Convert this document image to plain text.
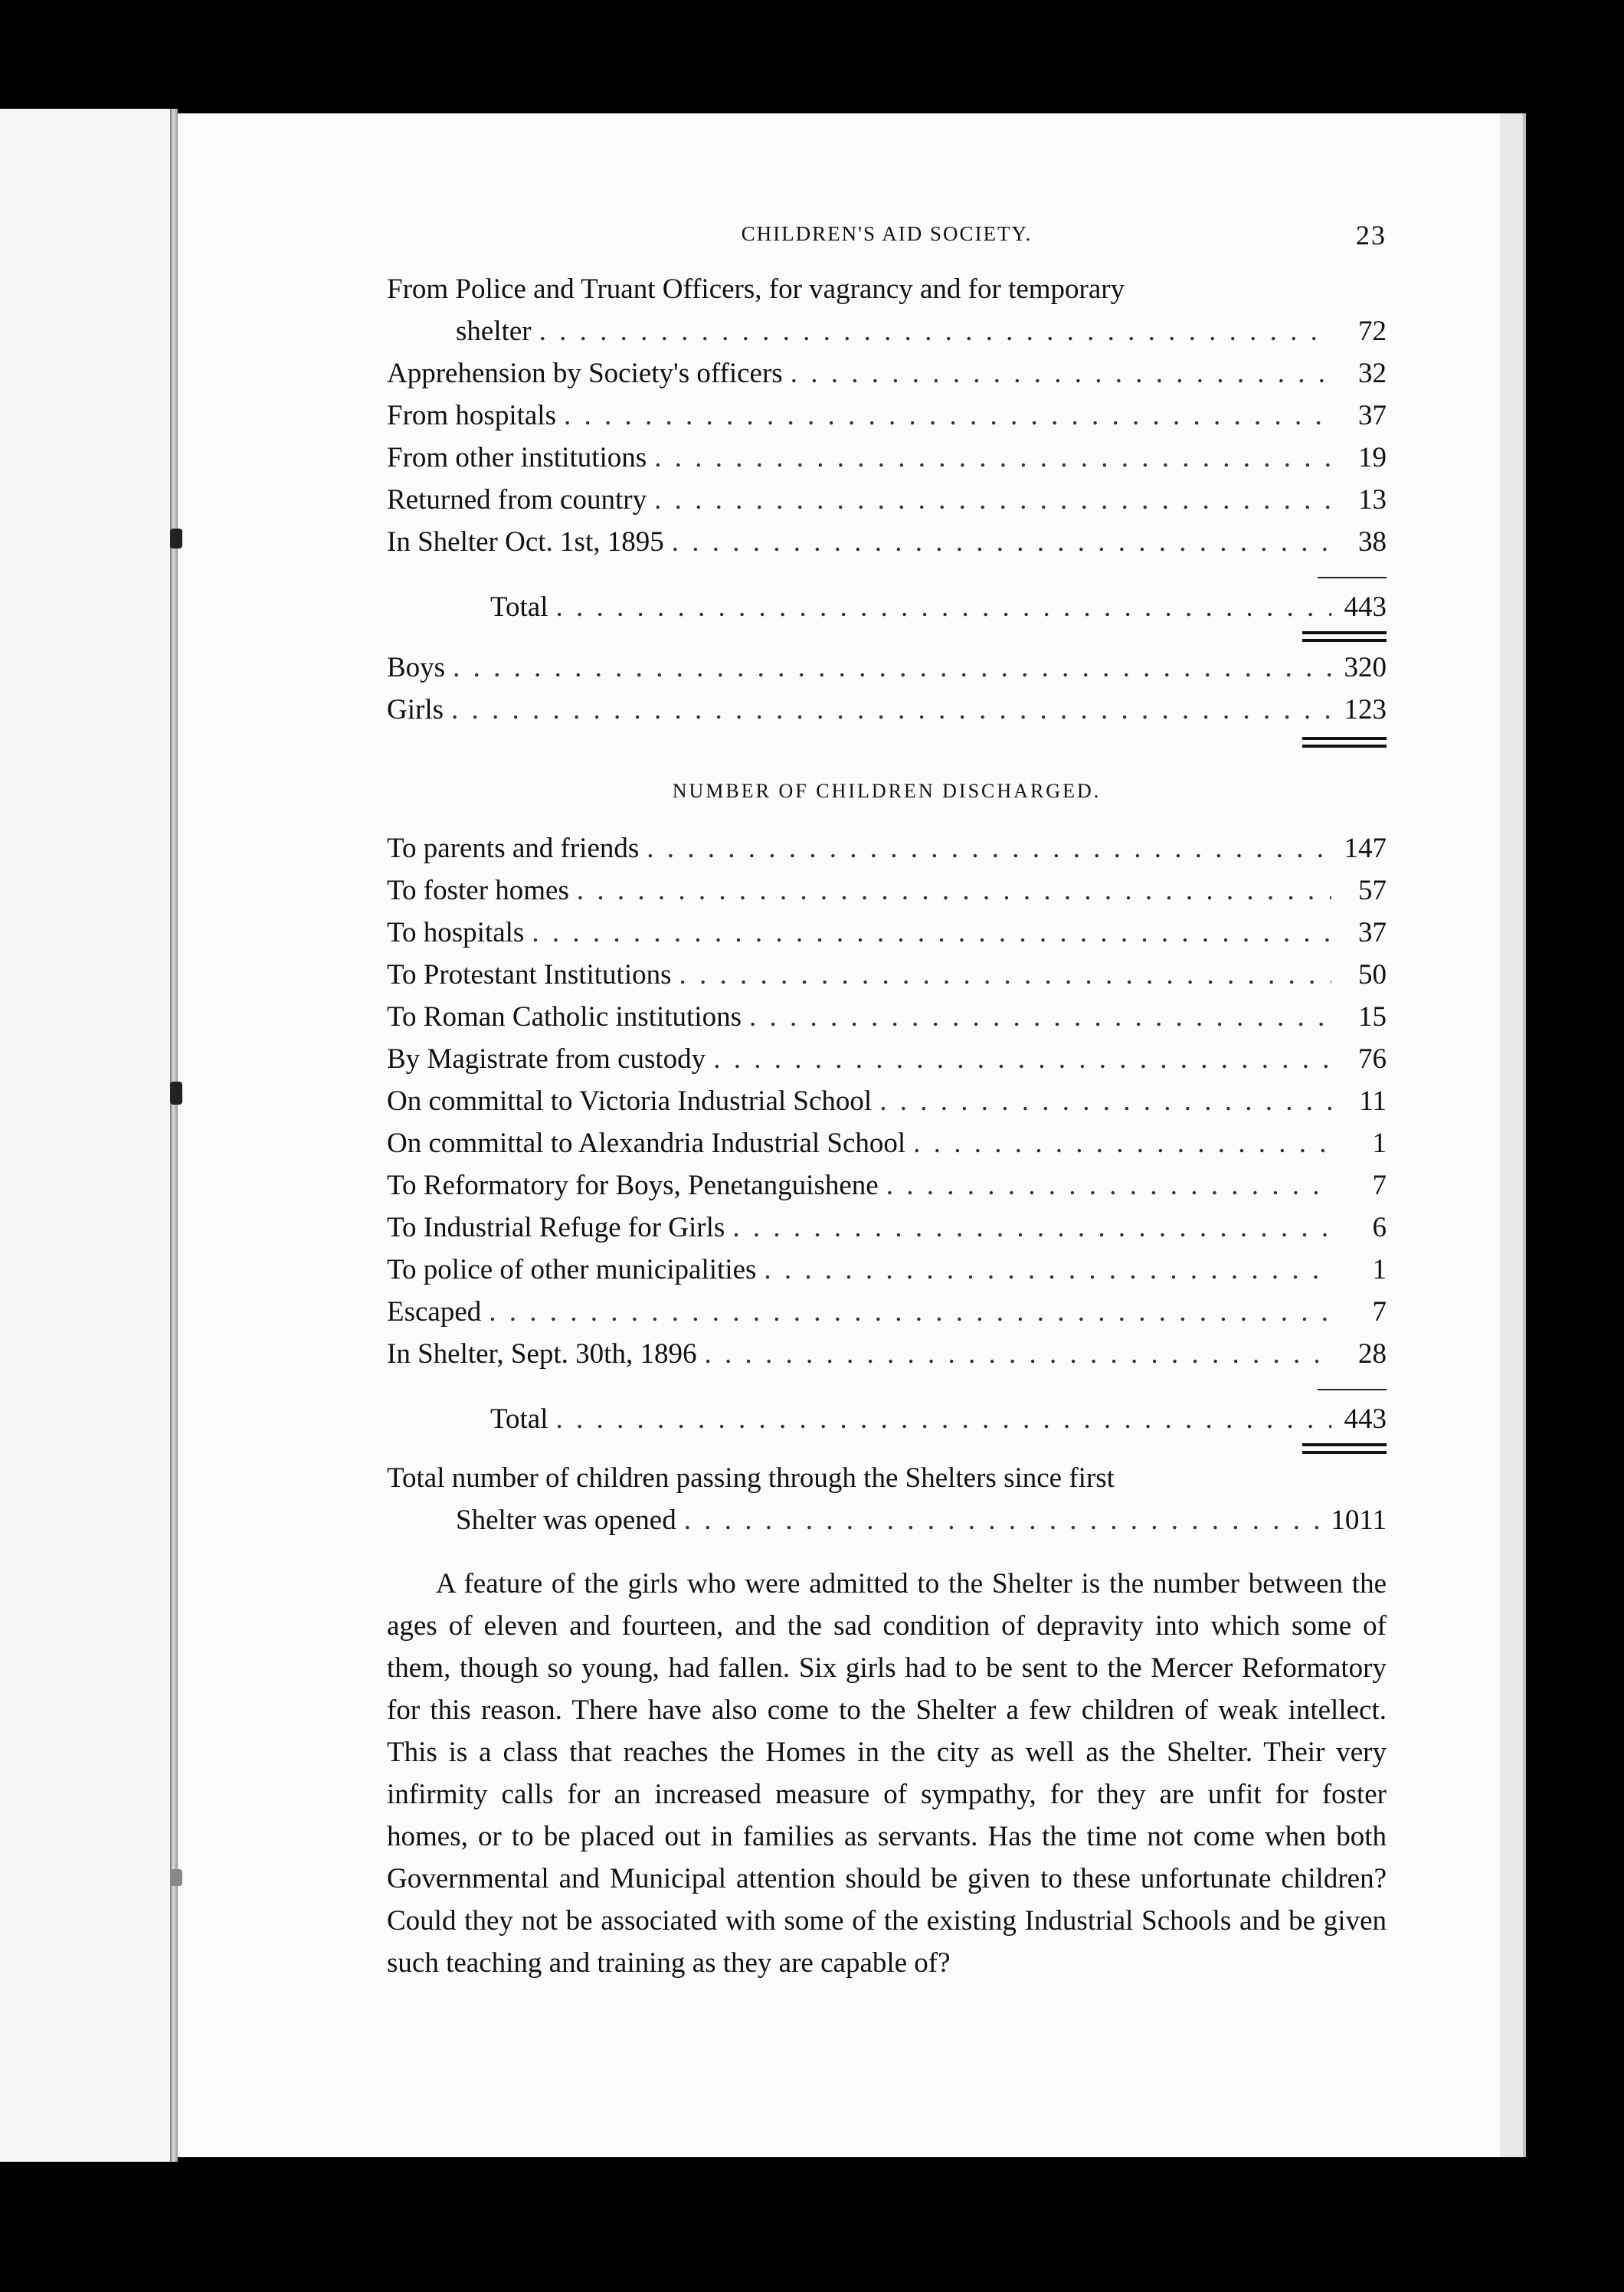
CHILDREN'S AID SOCIETY.	23
From Police and Truant Officers, for vagrancy and for temporary
shelter . . .	72
Apprehension by Society's officers . . .	32
From hospitals . . .	37
From other institutions . . .	19
Returned from country . . .	13
In Shelter Oct. 1st, 1895 . . .	38
Total . . .	443
Boys . . .	320
Girls . . .	123
NUMBER OF CHILDREN DISCHARGED.
To parents and friends . . .	147
To foster homes . . .	57
To hospitals . . .	37
To Protestant Institutions . . .	50
To Roman Catholic institutions . . .	15
By Magistrate from custody . . .	76
On committal to Victoria Industrial School . . .	11
On committal to Alexandria Industrial School . . .	1
To Reformatory for Boys, Penetanguishene . . .	7
To Industrial Refuge for Girls . . .	6
To police of other municipalities . . .	1
Escaped . . .	7
In Shelter, Sept. 30th, 1896 . . .	28
Total . . .	443
Total number of children passing through the Shelters since first
Shelter was opened . . .	1011

A feature of the girls who were admitted to the Shelter is the number between the ages of eleven and fourteen, and the sad condition of depravity into which some of them, though so young, had fallen. Six girls had to be sent to the Mercer Reformatory for this reason. There have also come to the Shelter a few children of weak intellect. This is a class that reaches the Homes in the city as well as the Shelter. Their very infirmity calls for an increased measure of sympathy, for they are unfit for foster homes, or to be placed out in families as servants. Has the time not come when both Governmental and Municipal attention should be given to these unfortunate children? Could they not be associated with some of the existing Industrial Schools and be given such teaching and training as they are capable of?
